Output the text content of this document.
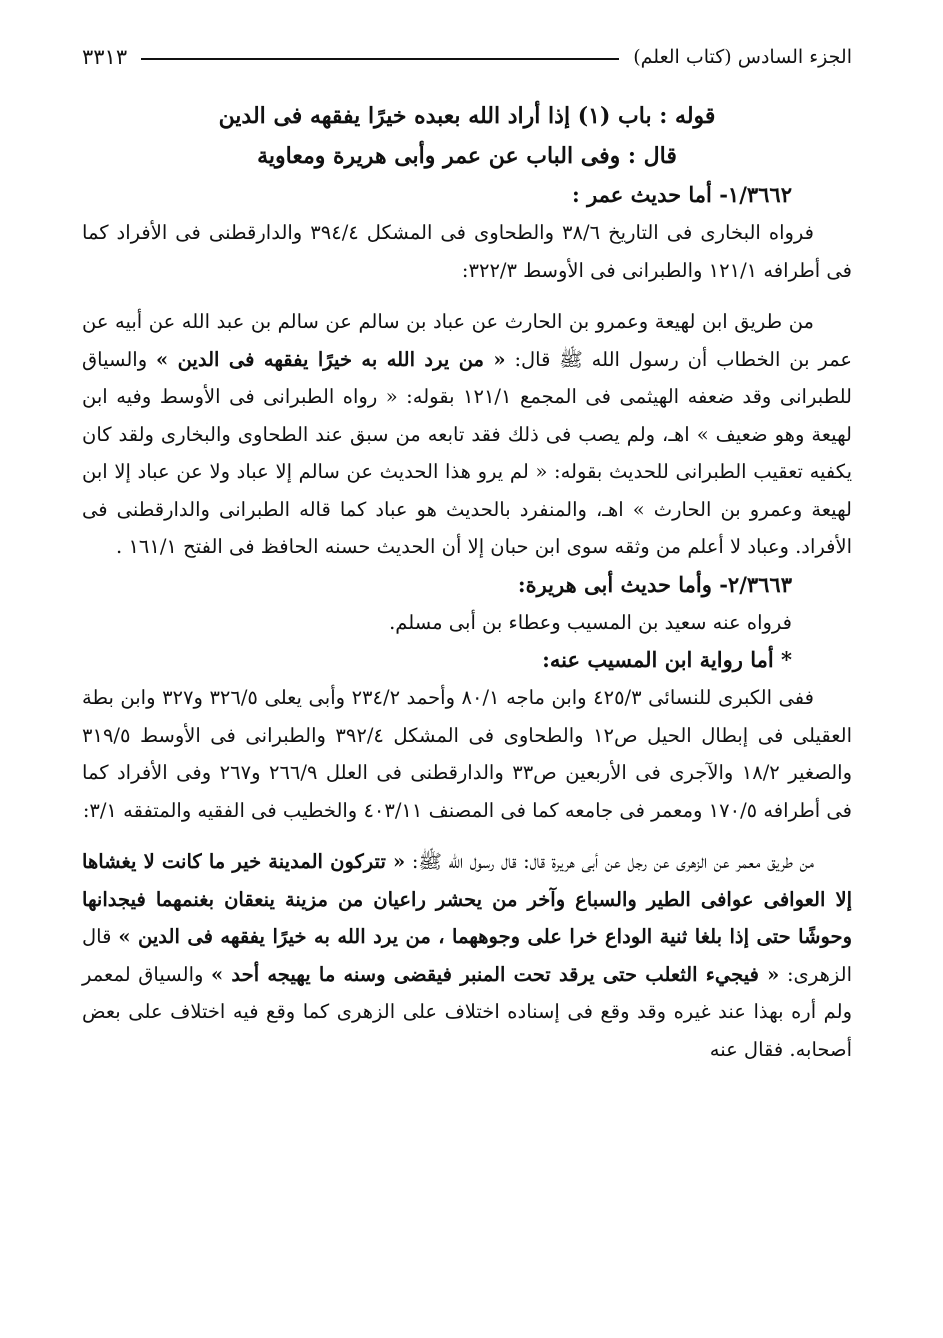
الجزء السادس (كتاب العلم)
٣٣١٣

قوله : باب (١) إذا أراد الله بعبده خيرًا يفقهه فى الدين

قال : وفى الباب عن عمر وأبى هريرة ومعاوية

١/٣٦٦٢- أما حديث عمر :

فرواه البخارى فى التاريخ ٣٨/٦ والطحاوى فى المشكل ٣٩٤/٤ والدارقطنى فى الأفراد كما فى أطرافه ١٢١/١ والطبرانى فى الأوسط ٣٢٢/٣:

من طريق ابن لهيعة وعمرو بن الحارث عن عباد بن سالم عن سالم بن عبد الله عن أبيه عن عمر بن الخطاب أن رسول الله ﷺ قال: « من يرد الله به خيرًا يفقهه فى الدين » والسياق للطبرانى وقد ضعفه الهيثمى فى المجمع ١٢١/١ بقوله: « رواه الطبرانى فى الأوسط وفيه ابن لهيعة وهو ضعيف » اهـ، ولم يصب فى ذلك فقد تابعه من سبق عند الطحاوى والبخارى ولقد كان يكفيه تعقيب الطبرانى للحديث بقوله: « لم يرو هذا الحديث عن سالم إلا عباد ولا عن عباد إلا ابن لهيعة وعمرو بن الحارث » اهـ، والمنفرد بالحديث هو عباد كما قاله الطبرانى والدارقطنى فى الأفراد. وعباد لا أعلم من وثقه سوى ابن حبان إلا أن الحديث حسنه الحافظ فى الفتح ١٦١/١ .

٢/٣٦٦٣- وأما حديث أبى هريرة:

فرواه عنه سعيد بن المسيب وعطاء بن أبى مسلم.

* أما رواية ابن المسيب عنه:

ففى الكبرى للنسائى ٤٢٥/٣ وابن ماجه ٨٠/١ وأحمد ٢٣٤/٢ وأبى يعلى ٣٢٦/٥ و٣٢٧ وابن بطة العقيلى فى إبطال الحيل ص١٢ والطحاوى فى المشكل ٣٩٢/٤ والطبرانى فى الأوسط ٣١٩/٥ والصغير ١٨/٢ والآجرى فى الأربعين ص٣٣ والدارقطنى فى العلل ٢٦٦/٩ و٢٦٧ وفى الأفراد كما فى أطرافه ١٧٠/٥ ومعمر فى جامعه كما فى المصنف ٤٠٣/١١ والخطيب فى الفقيه والمتفقه ٣/١:

من طريق معمر عن الزهرى عن رجل عن أبى هريرة قال: قال رسول الله ﷺ: « تتركون المدينة خير ما كانت لا يغشاها إلا العوافى عوافى الطير والسباع وآخر من يحشر راعيان من مزينة ينعقان بغنمهما فيجدانها وحوشًا حتى إذا بلغا ثنية الوداع خرا على وجوههما ، من يرد الله به خيرًا يفقهه فى الدين » قال الزهرى: « فيجيء الثعلب حتى يرقد تحت المنبر فيقضى وسنه ما يهيجه أحد » والسياق لمعمر ولم أره بهذا عند غيره وقد وقع فى إسناده اختلاف على الزهرى كما وقع فيه اختلاف على بعض أصحابه. فقال عنه
